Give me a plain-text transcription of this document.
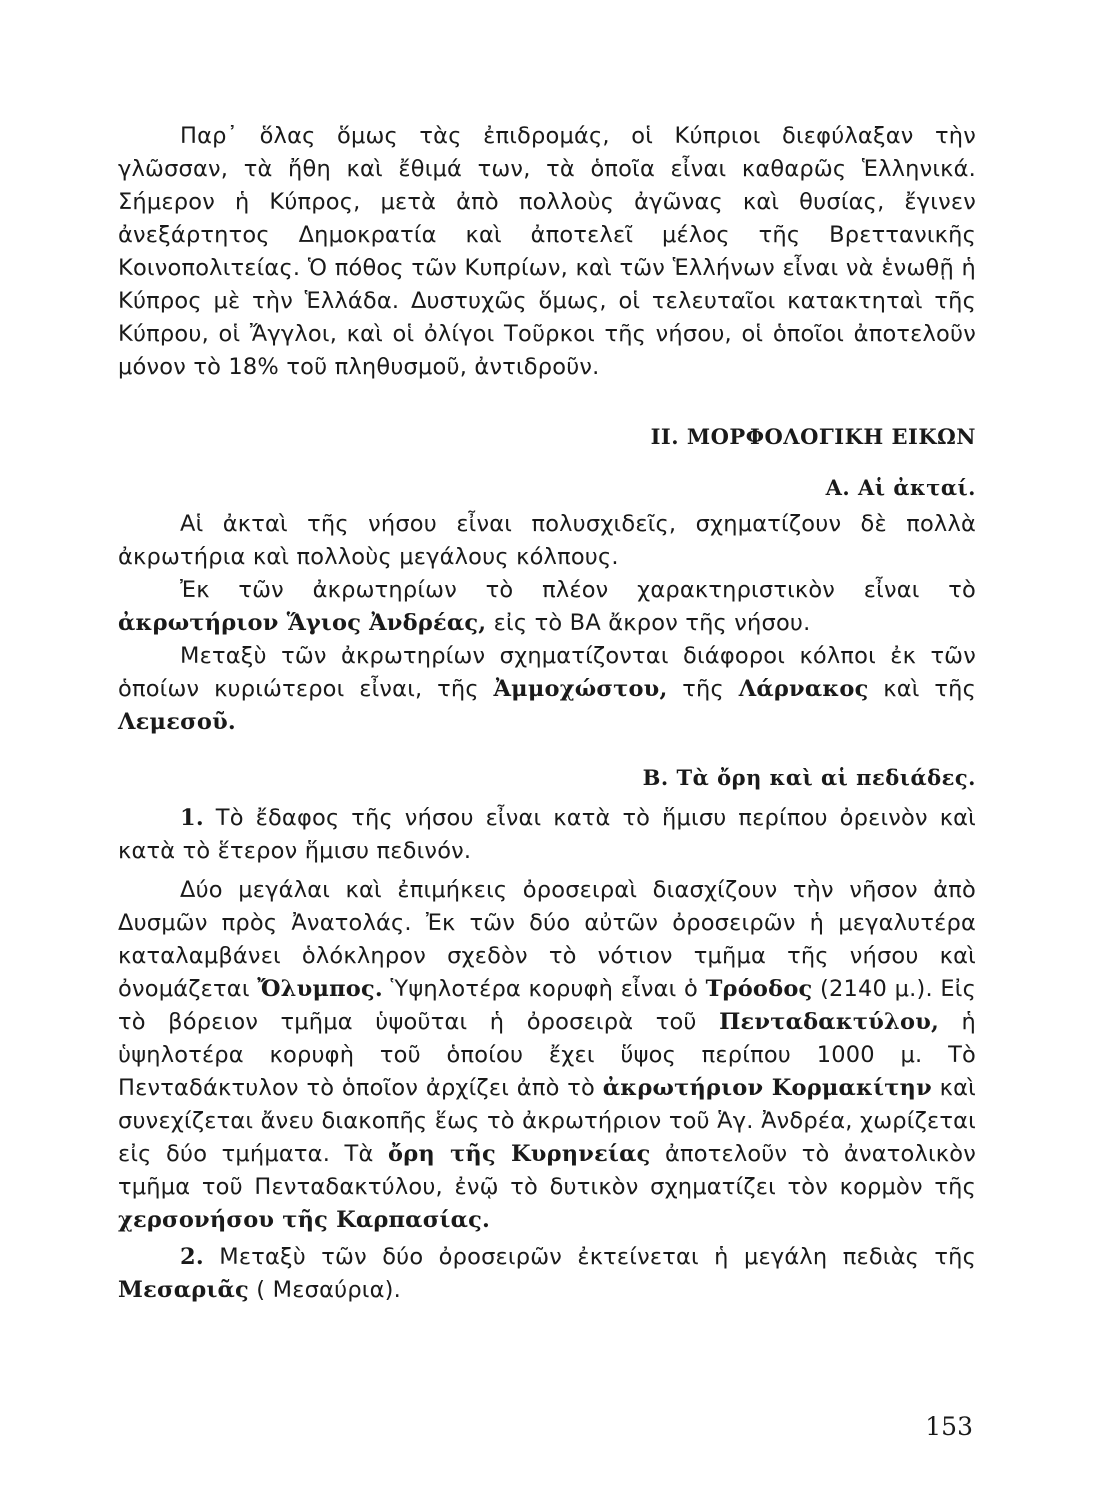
Παρ᾽ ὅλας ὅμως τὰς ἐπιδρομάς, οἱ Κύπριοι διεφύλαξαν τὴν γλῶσσαν, τὰ ἤθη καὶ ἔθιμά των, τὰ ὁποῖα εἶναι καθαρῶς Ἑλληνικά. Σήμερον ἡ Κύπρος, μετὰ ἀπὸ πολλοὺς ἀγῶνας καὶ θυσίας, ἔγινεν ἀνεξάρτητος Δημοκρατία καὶ ἀποτελεῖ μέλος τῆς Βρεττανικῆς Κοινοπολιτείας. Ὁ πόθος τῶν Κυπρίων, καὶ τῶν Ἑλλήνων εἶναι νὰ ἑνωθῇ ἡ Κύπρος μὲ τὴν Ἑλλάδα. Δυστυχῶς ὅμως, οἱ τελευταῖοι κατακτηταὶ τῆς Κύπρου, οἱ Ἄγγλοι, καὶ οἱ ὀλίγοι Τοῦρκοι τῆς νήσου, οἱ ὁποῖοι ἀποτελοῦν μόνον τὸ 18% τοῦ πληθυσμοῦ, ἀντιδροῦν.

II. ΜΟΡΦΟΛΟΓΙΚΗ ΕΙΚΩΝ

Α. Αἱ ἀκταί.

Αἱ ἀκταὶ τῆς νήσου εἶναι πολυσχιδεῖς, σχηματίζουν δὲ πολλὰ ἀκρωτήρια καὶ πολλοὺς μεγάλους κόλπους.

Ἐκ τῶν ἀκρωτηρίων τὸ πλέον χαρακτηριστικὸν εἶναι τὸ ἀκρωτήριον Ἅγιος Ἀνδρέας, εἰς τὸ ΒΑ ἄκρον τῆς νήσου.

Μεταξὺ τῶν ἀκρωτηρίων σχηματίζονται διάφοροι κόλποι ἐκ τῶν ὁποίων κυριώτεροι εἶναι, τῆς Ἀμμοχώστου, τῆς Λάρνακος καὶ τῆς Λεμεσοῦ.

Β. Τὰ ὄρη καὶ αἱ πεδιάδες.

1. Τὸ ἔδαφος τῆς νήσου εἶναι κατὰ τὸ ἥμισυ περίπου ὀρεινὸν καὶ κατὰ τὸ ἕτερον ἥμισυ πεδινόν.

Δύο μεγάλαι καὶ ἐπιμήκεις ὀροσειραὶ διασχίζουν τὴν νῆσον ἀπὸ Δυσμῶν πρὸς Ἀνατολάς. Ἐκ τῶν δύο αὐτῶν ὀροσειρῶν ἡ μεγαλυτέρα καταλαμβάνει ὁλόκληρον σχεδὸν τὸ νότιον τμῆμα τῆς νήσου καὶ ὀνομάζεται Ὄλυμπος. Ὑψηλοτέρα κορυφὴ εἶναι ὁ Τρόοδος (2140 μ.). Εἰς τὸ βόρειον τμῆμα ὑψοῦται ἡ ὀροσειρὰ τοῦ Πενταδακτύλου, ἡ ὑψηλοτέρα κορυφὴ τοῦ ὁποίου ἔχει ὕψος περίπου 1000 μ. Τὸ Πενταδάκτυλον τὸ ὁποῖον ἀρχίζει ἀπὸ τὸ ἀκρωτήριον Κορμακίτην καὶ συνεχίζεται ἄνευ διακοπῆς ἕως τὸ ἀκρωτήριον τοῦ Ἁγ. Ἀνδρέα, χωρίζεται εἰς δύο τμήματα. Τὰ ὄρη τῆς Κυρηνείας ἀποτελοῦν τὸ ἀνατολικὸν τμῆμα τοῦ Πενταδακτύλου, ἐνῷ τὸ δυτικὸν σχηματίζει τὸν κορμὸν τῆς χερσονήσου τῆς Καρπασίας.

2. Μεταξὺ τῶν δύο ὀροσειρῶν ἐκτείνεται ἡ μεγάλη πεδιὰς τῆς Μεσαριᾶς ( Μεσαύρια).

153
